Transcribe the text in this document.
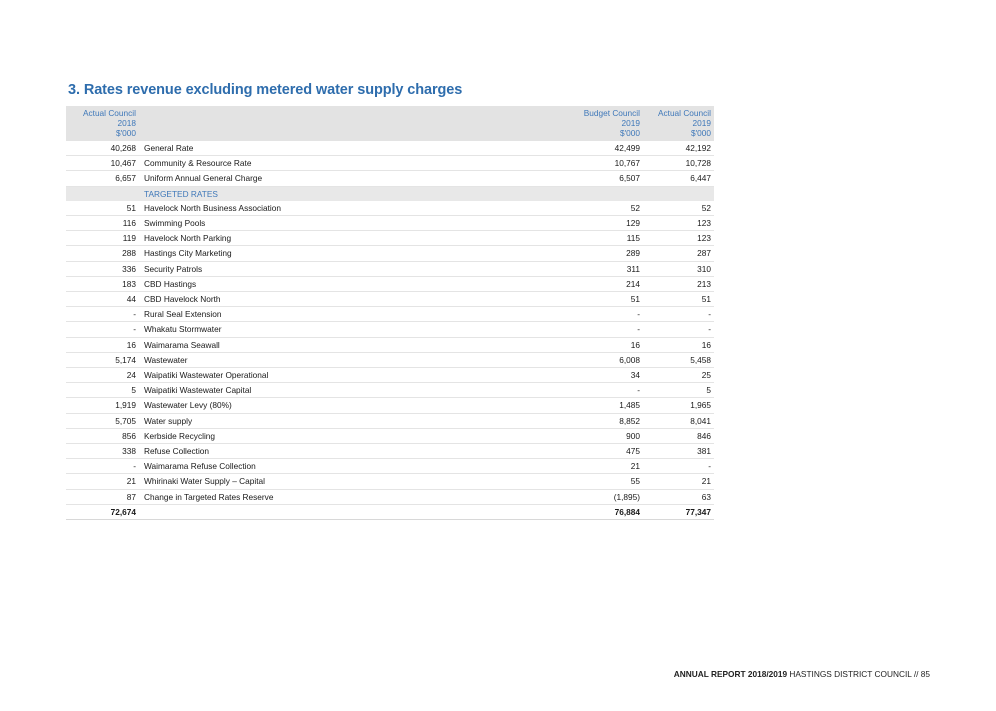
3. Rates revenue excluding metered water supply charges
Actual Council
2018
$'000		Budget Council
2019
$'000	Actual Council
2019
$'000

40,268	General Rate	42,499	42,192
10,467	Community & Resource Rate	10,767	10,728
6,657	Uniform Annual General Charge	6,507	6,447
	TARGETED RATES		
51	Havelock North Business Association	52	52
116	Swimming Pools	129	123
119	Havelock North Parking	115	123
288	Hastings City Marketing	289	287
336	Security Patrols	311	310
183	CBD Hastings	214	213
44	CBD Havelock North	51	51
-	Rural Seal Extension	-	-
-	Whakatu Stormwater	-	-
16	Waimarama Seawall	16	16
5,174	Wastewater	6,008	5,458
24	Waipatiki Wastewater Operational	34	25
5	Waipatiki Wastewater Capital	-	5
1,919	Wastewater Levy (80%)	1,485	1,965
5,705	Water supply	8,852	8,041
856	Kerbside Recycling	900	846
338	Refuse Collection	475	381
-	Waimarama Refuse Collection	21	-
21	Whirinaki Water Supply – Capital	55	21
87	Change in Targeted Rates Reserve	(1,895)	63
72,674		76,884	77,347
ANNUAL REPORT 2018/2019 HASTINGS DISTRICT COUNCIL // 85
